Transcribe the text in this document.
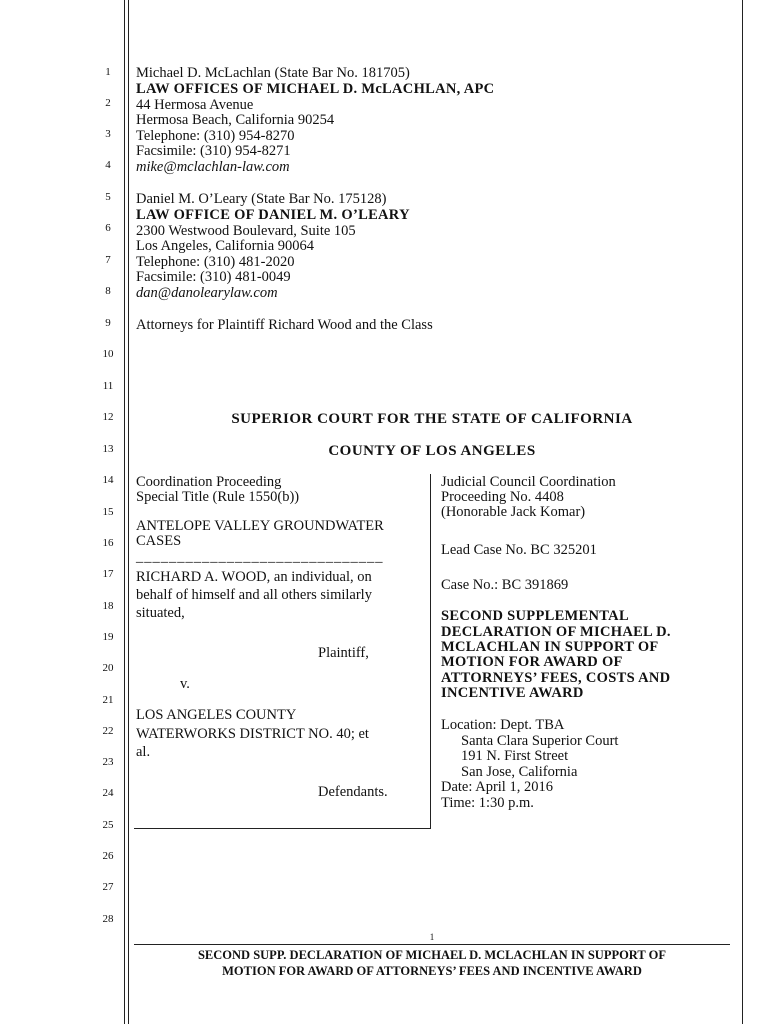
1
2
3
4
5
6
7
8
9
10
11
12
13
14
15
16
17
18
19
20
21
22
23
24
25
26
27
28
Michael D. McLachlan (State Bar No. 181705)
LAW OFFICES OF MICHAEL D. McLACHLAN, APC
44 Hermosa Avenue
Hermosa Beach, California 90254
Telephone: (310) 954-8270
Facsimile: (310) 954-8271
mike@mclachlan-law.com
Daniel M. O’Leary (State Bar No. 175128)
LAW OFFICE OF DANIEL M. O’LEARY
2300 Westwood Boulevard, Suite 105
Los Angeles, California 90064
Telephone: (310) 481-2020
Facsimile: (310) 481-0049
dan@danolearylaw.com
Attorneys for Plaintiff Richard Wood and the Class
SUPERIOR COURT FOR THE STATE OF CALIFORNIA
COUNTY OF LOS ANGELES
Coordination Proceeding
Special Title (Rule 1550(b))
ANTELOPE VALLEY GROUNDWATER
CASES
______________________________
RICHARD A. WOOD, an individual, on
behalf of himself and all others similarly
situated,
Plaintiff,
v.
LOS ANGELES COUNTY
WATERWORKS DISTRICT NO. 40; et
al.
Defendants.
Judicial Council Coordination
Proceeding No. 4408
(Honorable Jack Komar)
Lead Case No. BC 325201
Case No.: BC 391869
SECOND SUPPLEMENTAL
DECLARATION OF MICHAEL D.
MCLACHLAN IN SUPPORT OF
MOTION FOR AWARD OF
ATTORNEYS’ FEES, COSTS AND
INCENTIVE AWARD
Location: Dept. TBA
Santa Clara Superior Court
191 N. First Street
San Jose, California
Date: April 1, 2016
Time: 1:30 p.m.
1
SECOND SUPP. DECLARATION OF MICHAEL D. MCLACHLAN IN SUPPORT OF
MOTION FOR AWARD OF ATTORNEYS’ FEES AND INCENTIVE AWARD
